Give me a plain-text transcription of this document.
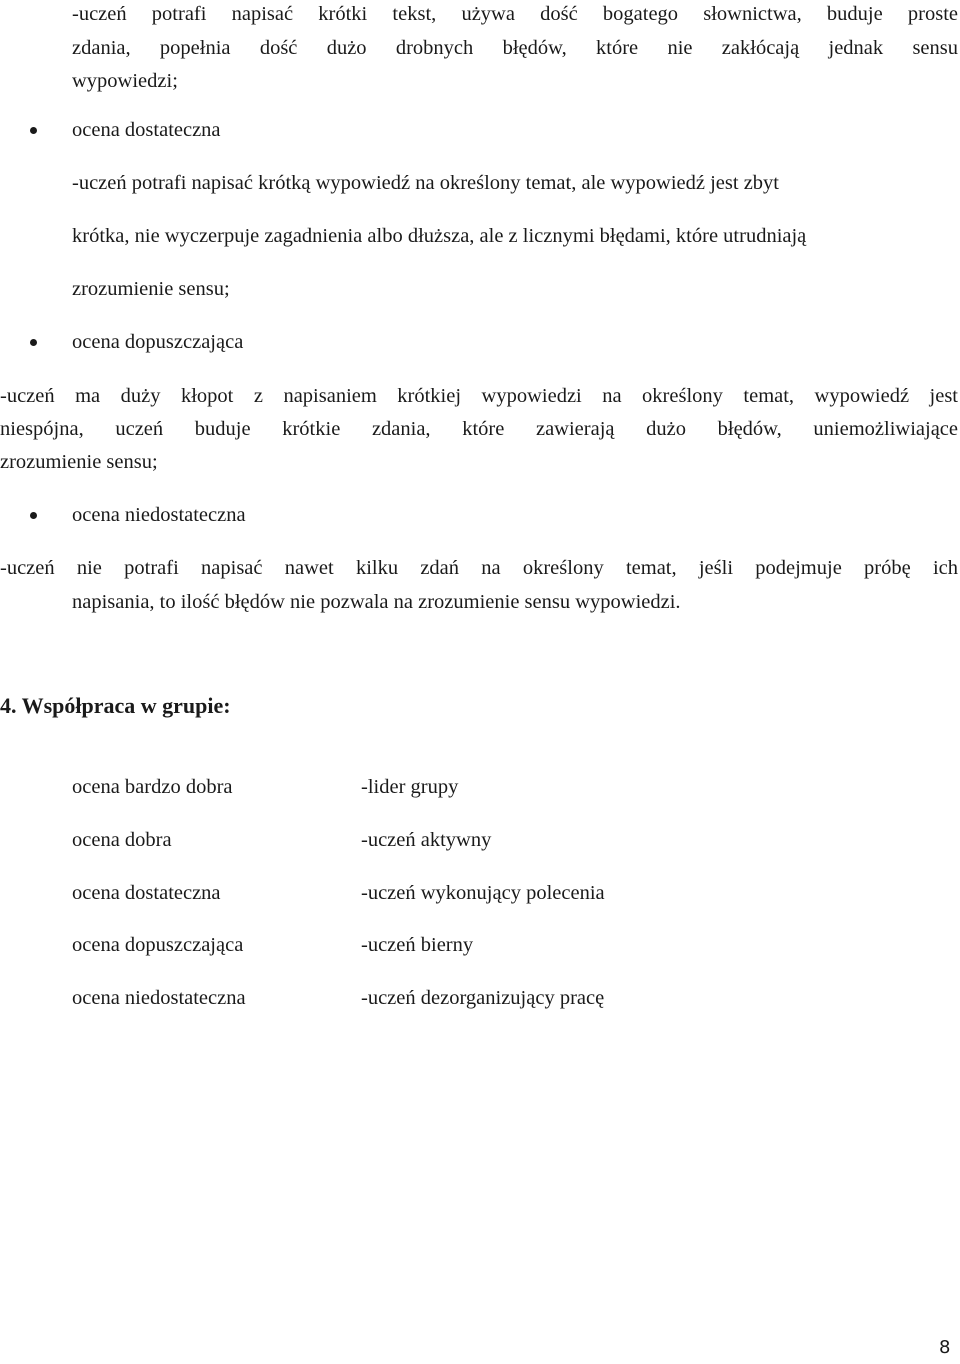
-uczeń potrafi napisać krótki tekst, używa dość bogatego słownictwa, buduje proste
zdania, popełnia dość dużo drobnych błędów, które nie zakłócają jednak sensu
wypowiedzi;
ocena dostateczna
-uczeń potrafi napisać krótką wypowiedź na określony temat, ale wypowiedź jest zbyt
krótka, nie wyczerpuje zagadnienia albo dłuższa, ale z licznymi błędami, które utrudniają
zrozumienie sensu;
ocena dopuszczająca
-uczeń ma duży kłopot z napisaniem krótkiej wypowiedzi na określony temat, wypowiedź jest
niespójna, uczeń buduje krótkie zdania, które zawierają dużo błędów, uniemożliwiające
zrozumienie sensu;
ocena niedostateczna
-uczeń nie potrafi napisać nawet kilku zdań na określony temat, jeśli podejmuje próbę ich
napisania, to ilość błędów nie pozwala na zrozumienie sensu wypowiedzi.
4. Współpraca w grupie:
ocena bardzo dobra	-lider grupy
ocena dobra	-uczeń aktywny
ocena dostateczna	-uczeń wykonujący polecenia
ocena dopuszczająca	-uczeń bierny
ocena niedostateczna	-uczeń dezorganizujący pracę
8
